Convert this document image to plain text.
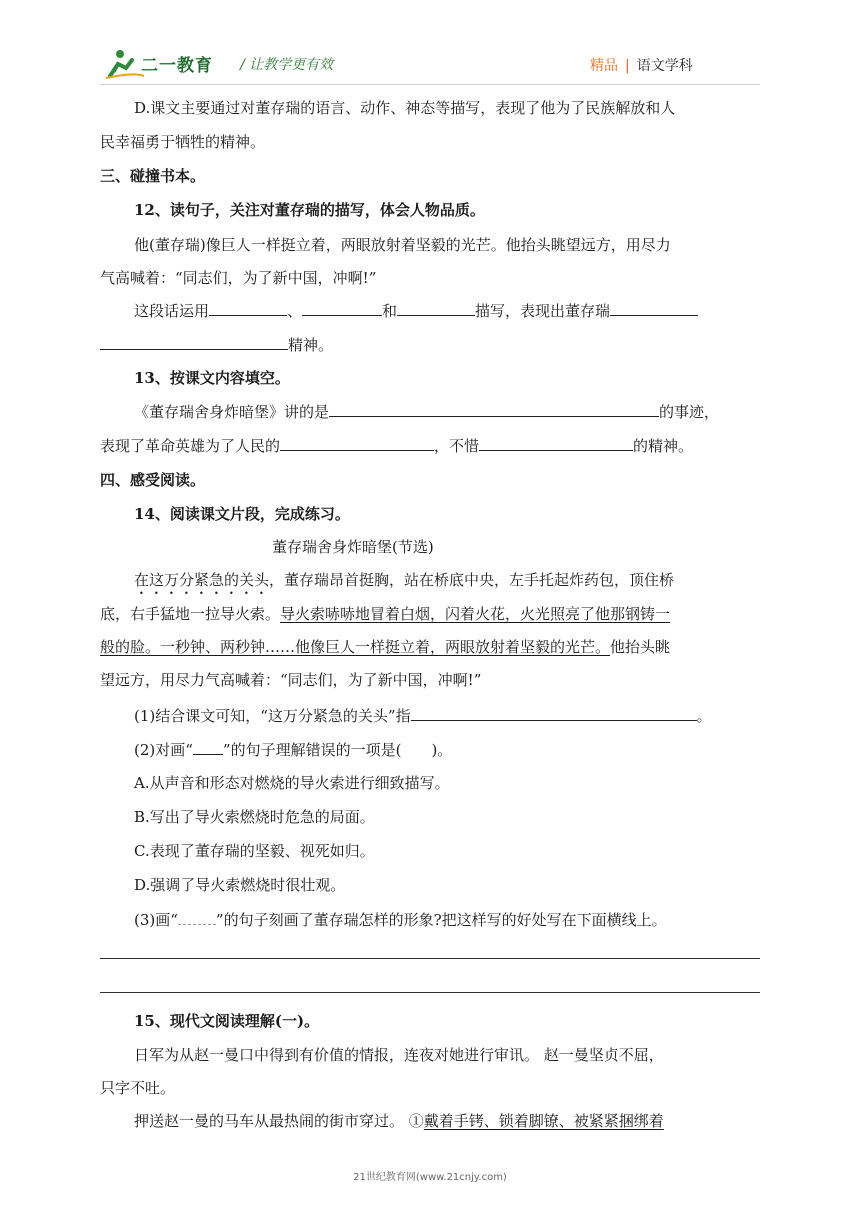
二一教育 / 让教学更有效	精品 | 语文学科
D.课文主要通过对董存瑞的语言、动作、神态等描写，表现了他为了民族解放和人
民幸福勇于牺牲的精神。
三、碰撞书本。
12、读句子，关注对董存瑞的描写，体会人物品质。
他(董存瑞)像巨人一样挺立着，两眼放射着坚毅的光芒。他抬头眺望远方，用尽力
气高喊着：“同志们，为了新中国，冲啊!”
这段话运用	、	和	描写，表现出董存瑞
精神。
13、按课文内容填空。
《董存瑞舍身炸暗堡》讲的是	的事迹，
表现了革命英雄为了人民的	，不惜	的精神。
四、感受阅读。
14、阅读课文片段，完成练习。
董存瑞舍身炸暗堡(节选)
在这万分紧急的关头，董存瑞昂首挺胸，站在桥底中央，左手托起炸药包，顶住桥
底，右手猛地一拉导火索。导火索哧哧地冒着白烟，闪着火花，火光照亮了他那钢铸一
般的脸。一秒钟、两秒钟……他像巨人一样挺立着，两眼放射着坚毅的光芒。他抬头眺
望远方，用尽力气高喊着：“同志们，为了新中国，冲啊!”
(1)结合课文可知，“这万分紧急的关头”指	。
(2)对画“ ”的句子理解错误的一项是(　　)。
A.从声音和形态对燃烧的导火索进行细致描写。
B.写出了导火索燃烧时危急的局面。
C.表现了董存瑞的坚毅、视死如归。
D.强调了导火索燃烧时很壮观。
(3)画“	”的句子刻画了董存瑞怎样的形象?把这样写的好处写在下面横线上。
15、现代文阅读理解(一)。
日军为从赵一曼口中得到有价值的情报，连夜对她进行审讯。 赵一曼坚贞不屈，
只字不吐。
押送赵一曼的马车从最热闹的街市穿过。 ①戴着手铐、锁着脚镣、被紧紧捆绑着
21世纪教育网(www.21cnjy.com)
